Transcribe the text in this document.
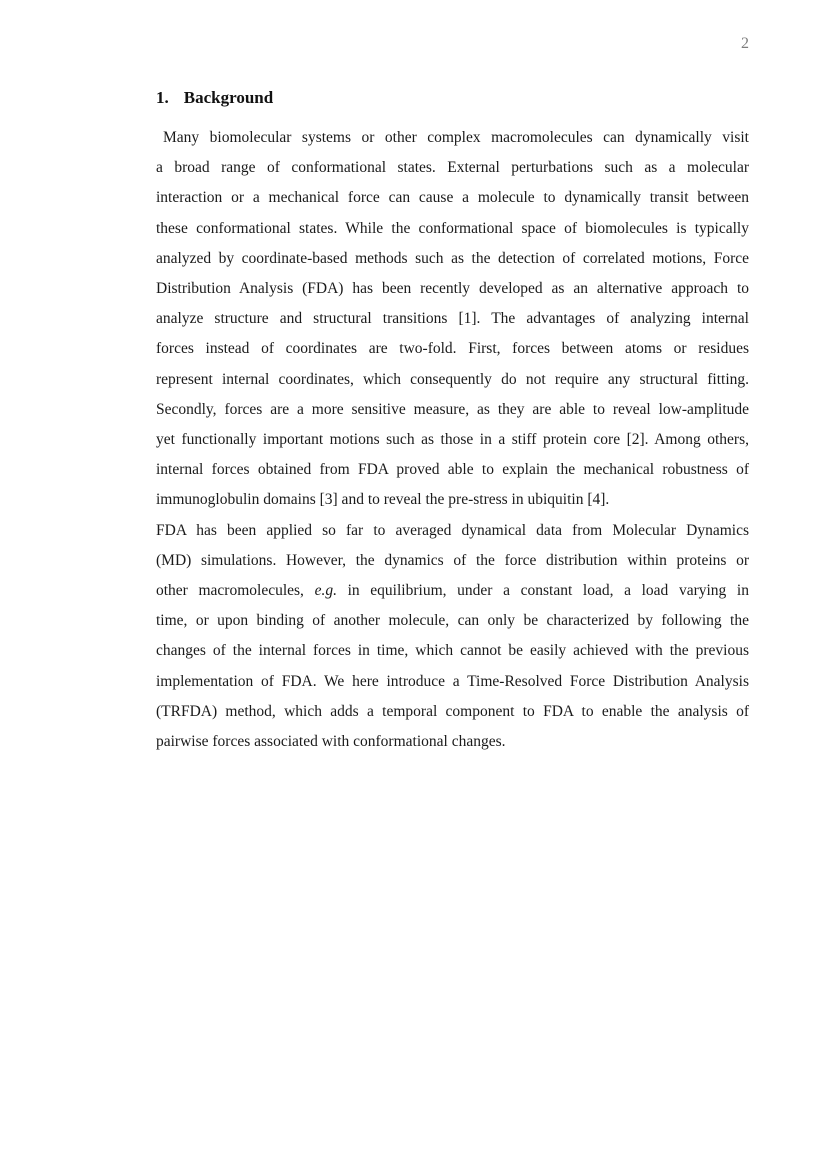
2
1. Background
Many biomolecular systems or other complex macromolecules can dynamically visit
a broad range of conformational states. External perturbations such as a molecular
interaction or a mechanical force can cause a molecule to dynamically transit between
these conformational states. While the conformational space of biomolecules is typically
analyzed by coordinate-based methods such as the detection of correlated motions, Force
Distribution Analysis (FDA) has been recently developed as an alternative approach to
analyze structure and structural transitions [1]. The advantages of analyzing internal
forces instead of coordinates are two-fold. First, forces between atoms or residues
represent internal coordinates, which consequently do not require any structural fitting.
Secondly, forces are a more sensitive measure, as they are able to reveal low-amplitude
yet functionally important motions such as those in a stiff protein core [2]. Among others,
internal forces obtained from FDA proved able to explain the mechanical robustness of
immunoglobulin domains [3] and to reveal the pre-stress in ubiquitin [4].
FDA has been applied so far to averaged dynamical data from Molecular Dynamics
(MD) simulations. However, the dynamics of the force distribution within proteins or
other macromolecules, e.g. in equilibrium, under a constant load, a load varying in
time, or upon binding of another molecule, can only be characterized by following the
changes of the internal forces in time, which cannot be easily achieved with the previous
implementation of FDA. We here introduce a Time-Resolved Force Distribution Analysis
(TRFDA) method, which adds a temporal component to FDA to enable the analysis of
pairwise forces associated with conformational changes.
